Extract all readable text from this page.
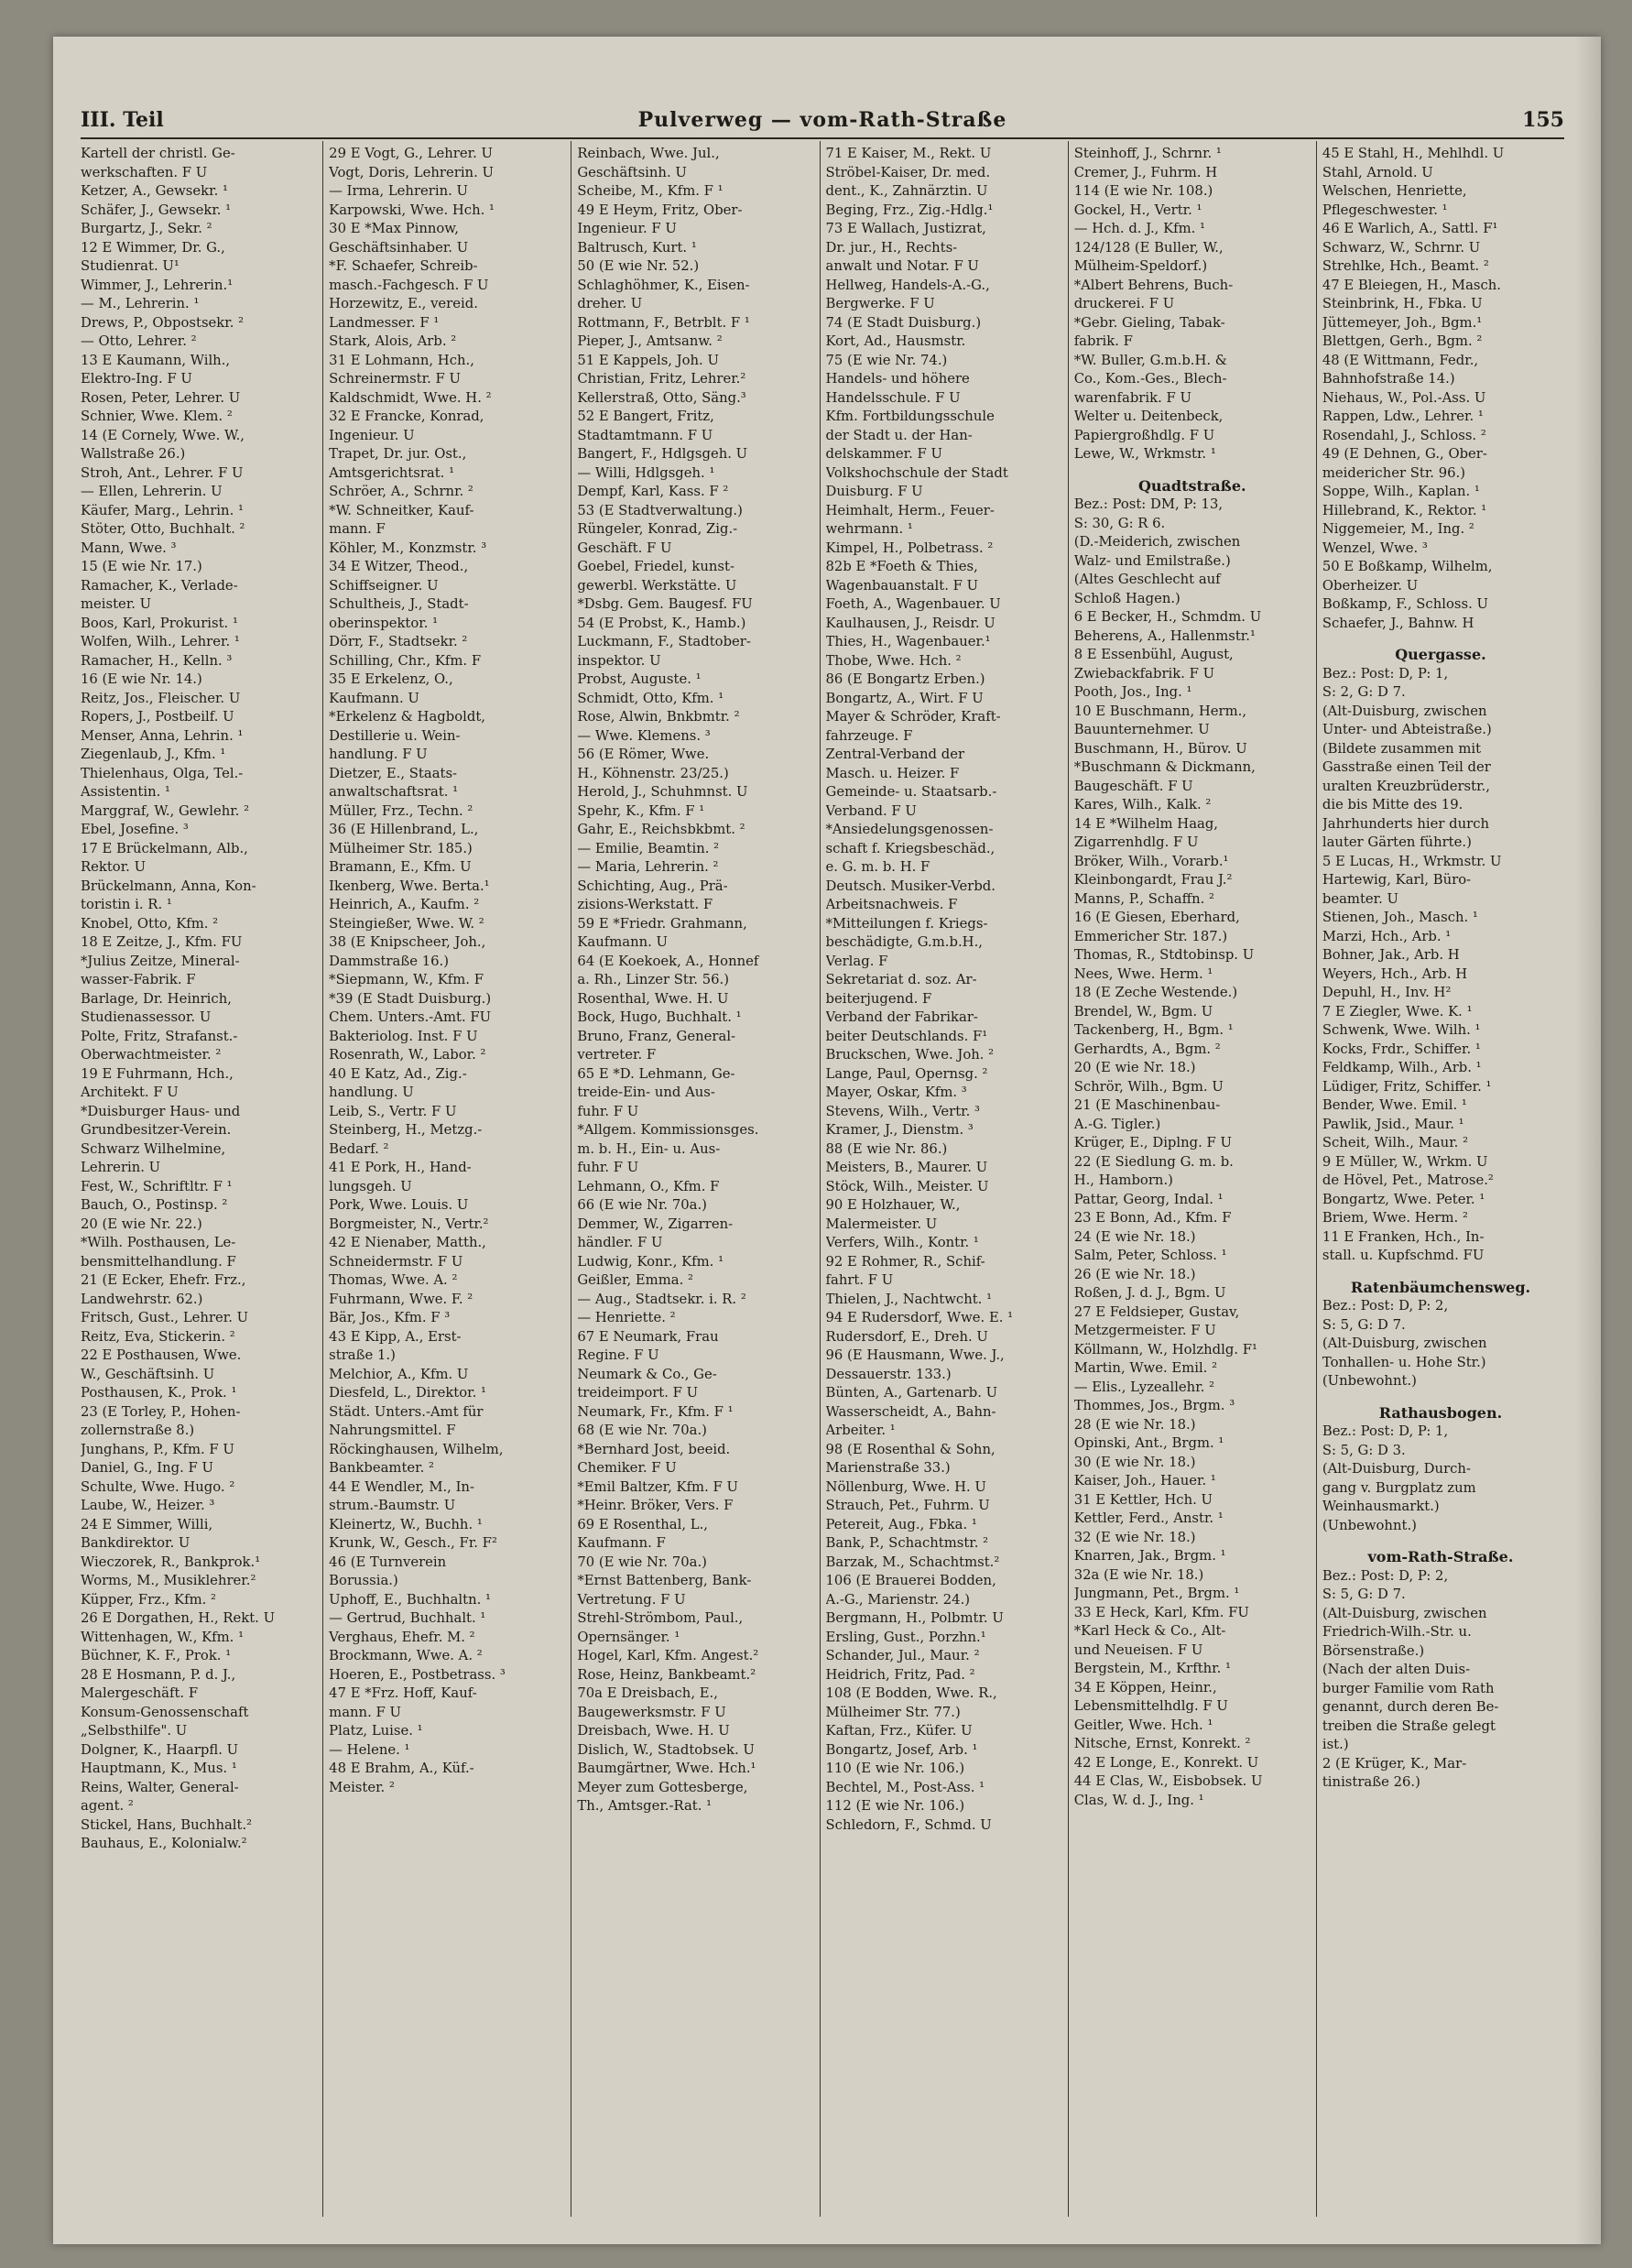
III. Teil	Pulverweg — vom-Rath-Straße	155
Kartell der christl. Ge-
werkschaften. F U
Ketzer, A., Gewsekr. ¹
Schäfer, J., Gewsekr. ¹
Burgartz, J., Sekr. ²
12 E Wimmer, Dr. G.,
Studienrat. U¹
Wimmer, J., Lehrerin.¹
— M., Lehrerin. ¹
Drews, P., Obpostsekr. ²
— Otto, Lehrer. ²
13 E Kaumann, Wilh.,
Elektro-Ing. F U
Rosen, Peter, Lehrer. U
Schnier, Wwe. Klem. ²
14 (E Cornely, Wwe. W.,
Wallstraße 26.)
Stroh, Ant., Lehrer. F U
— Ellen, Lehrerin. U
Käufer, Marg., Lehrin. ¹
Stöter, Otto, Buchhalt. ²
Mann, Wwe. ³
15 (E wie Nr. 17.)
Ramacher, K., Verlade-
meister. U
Boos, Karl, Prokurist. ¹
Wolfen, Wilh., Lehrer. ¹
Ramacher, H., Kelln. ³
16 (E wie Nr. 14.)
Reitz, Jos., Fleischer. U
Ropers, J., Postbeilf. U
Menser, Anna, Lehrin. ¹
Ziegenlaub, J., Kfm. ¹
Thielenhaus, Olga, Tel.-
Assistentin. ¹
Marggraf, W., Gewlehr. ²
Ebel, Josefine. ³
17 E Brückelmann, Alb.,
Rektor. U
Brückelmann, Anna, Kon-
toristin i. R. ¹
Knobel, Otto, Kfm. ²
18 E Zeitze, J., Kfm. FU
*Julius Zeitze, Mineral-
wasser-Fabrik. F
Barlage, Dr. Heinrich,
Studienassessor. U
Polte, Fritz, Strafanst.-
Oberwachtmeister. ²
19 E Fuhrmann, Hch.,
Architekt. F U
*Duisburger Haus- und
Grundbesitzer-Verein.
Schwarz Wilhelmine,
Lehrerin. U
Fest, W., Schriftltr. F ¹
Bauch, O., Postinsp. ²
20 (E wie Nr. 22.)
*Wilh. Posthausen, Le-
bensmittelhandlung. F
21 (E Ecker, Ehefr. Frz.,
Landwehrstr. 62.)
Fritsch, Gust., Lehrer. U
Reitz, Eva, Stickerin. ²
22 E Posthausen, Wwe.
W., Geschäftsinh. U
Posthausen, K., Prok. ¹
23 (E Torley, P., Hohen-
zollernstraße 8.)
Junghans, P., Kfm. F U
Daniel, G., Ing. F U
Schulte, Wwe. Hugo. ²
Laube, W., Heizer. ³
24 E Simmer, Willi,
Bankdirektor. U
Wieczorek, R., Bankprok.¹
Worms, M., Musiklehrer.²
Küpper, Frz., Kfm. ²
26 E Dorgathen, H., Rekt. U
Wittenhagen, W., Kfm. ¹
Büchner, K. F., Prok. ¹
28 E Hosmann, P. d. J.,
Malergeschäft. F
Konsum-Genossenschaft
„Selbsthilfe". U
Dolgner, K., Haarpfl. U
Hauptmann, K., Mus. ¹
Reins, Walter, General-
agent. ²
Stickel, Hans, Buchhalt.²
Bauhaus, E., Kolonialw.²
29 E Vogt, G., Lehrer. U
Vogt, Doris, Lehrerin. U
— Irma, Lehrerin. U
Karpowski, Wwe. Hch. ¹
30 E *Max Pinnow,
Geschäftsinhaber. U
*F. Schaefer, Schreib-
masch.-Fachgesch. F U
Horzewitz, E., vereid.
Landmesser. F ¹
Stark, Alois, Arb. ²
31 E Lohmann, Hch.,
Schreinermstr. F U
Kaldschmidt, Wwe. H. ²
32 E Francke, Konrad,
Ingenieur. U
Trapet, Dr. jur. Ost.,
Amtsgerichtsrat. ¹
Schröer, A., Schrnr. ²
*W. Schneitker, Kauf-
mann. F
Köhler, M., Konzmstr. ³
34 E Witzer, Theod.,
Schiffseigner. U
Schultheis, J., Stadt-
oberinspektor. ¹
Dörr, F., Stadtsekr. ²
Schilling, Chr., Kfm. F
35 E Erkelenz, O.,
Kaufmann. U
*Erkelenz & Hagboldt,
Destillerie u. Wein-
handlung. F U
Dietzer, E., Staats-
anwaltschaftsrat. ¹
Müller, Frz., Techn. ²
36 (E Hillenbrand, L.,
Mülheimer Str. 185.)
Bramann, E., Kfm. U
Ikenberg, Wwe. Berta.¹
Heinrich, A., Kaufm. ²
Steingießer, Wwe. W. ²
38 (E Knipscheer, Joh.,
Dammstraße 16.)
*Siepmann, W., Kfm. F
*39 (E Stadt Duisburg.)
Chem. Unters.-Amt. FU
Bakteriolog. Inst. F U
Rosenrath, W., Labor. ²
40 E Katz, Ad., Zig.-
handlung. U
Leib, S., Vertr. F U
Steinberg, H., Metzg.-
Bedarf. ²
41 E Pork, H., Hand-
lungsgeh. U
Pork, Wwe. Louis. U
Borgmeister, N., Vertr.²
42 E Nienaber, Matth.,
Schneidermstr. F U
Thomas, Wwe. A. ²
Fuhrmann, Wwe. F. ²
Bär, Jos., Kfm. F ³
43 E Kipp, A., Erst-
straße 1.)
Melchior, A., Kfm. U
Diesfeld, L., Direktor. ¹
Städt. Unters.-Amt für
Nahrungsmittel. F
Röckinghausen, Wilhelm,
Bankbeamter. ²
44 E Wendler, M., In-
strum.-Baumstr. U
Kleinertz, W., Buchh. ¹
Krunk, W., Gesch., Fr. F²
46 (E Turnverein
Borussia.)
Uphoff, E., Buchhaltn. ¹
— Gertrud, Buchhalt. ¹
Verghaus, Ehefr. M. ²
Brockmann, Wwe. A. ²
Hoeren, E., Postbetrass. ³
47 E *Frz. Hoff, Kauf-
mann. F U
Platz, Luise. ¹
— Helene. ¹
48 E Brahm, A., Küf.-
Meister. ²
Reinbach, Wwe. Jul.,
Geschäftsinh. U
Scheibe, M., Kfm. F ¹
49 E Heym, Fritz, Ober-
Ingenieur. F U
Baltrusch, Kurt. ¹
50 (E wie Nr. 52.)
Schlaghöhmer, K., Eisen-
dreher. U
Rottmann, F., Betrblt. F ¹
Pieper, J., Amtsanw. ²
51 E Kappels, Joh. U
Christian, Fritz, Lehrer.²
Kellerstraß, Otto, Säng.³
52 E Bangert, Fritz,
Stadtamtmann. F U
Bangert, F., Hdlgsgeh. U
— Willi, Hdlgsgeh. ¹
Dempf, Karl, Kass. F ²
53 (E Stadtverwaltung.)
Rüngeler, Konrad, Zig.-
Geschäft. F U
Goebel, Friedel, kunst-
gewerbl. Werkstätte. U
*Dsbg. Gem. Baugesf. FU
54 (E Probst, K., Hamb.)
Luckmann, F., Stadtober-
inspektor. U
Probst, Auguste. ¹
Schmidt, Otto, Kfm. ¹
Rose, Alwin, Bnkbmtr. ²
— Wwe. Klemens. ³
56 (E Römer, Wwe.
H., Köhnenstr. 23/25.)
Herold, J., Schuhmnst. U
Spehr, K., Kfm. F ¹
Gahr, E., Reichsbkbmt. ²
— Emilie, Beamtin. ²
— Maria, Lehrerin. ²
Schichting, Aug., Prä-
zisions-Werkstatt. F
59 E *Friedr. Grahmann,
Kaufmann. U
64 (E Koekoek, A., Honnef
a. Rh., Linzer Str. 56.)
Rosenthal, Wwe. H. U
Bock, Hugo, Buchhalt. ¹
Bruno, Franz, General-
vertreter. F
65 E *D. Lehmann, Ge-
treide-Ein- und Aus-
fuhr. F U
*Allgem. Kommissionsges.
m. b. H., Ein- u. Aus-
fuhr. F U
Lehmann, O., Kfm. F
66 (E wie Nr. 70a.)
Demmer, W., Zigarren-
händler. F U
Ludwig, Konr., Kfm. ¹
Geißler, Emma. ²
— Aug., Stadtsekr. i. R. ²
— Henriette. ²
67 E Neumark, Frau
Regine. F U
Neumark & Co., Ge-
treideimport. F U
Neumark, Fr., Kfm. F ¹
68 (E wie Nr. 70a.)
*Bernhard Jost, beeid.
Chemiker. F U
*Emil Baltzer, Kfm. F U
*Heinr. Bröker, Vers. F
69 E Rosenthal, L.,
Kaufmann. F
70 (E wie Nr. 70a.)
*Ernst Battenberg, Bank-
Vertretung. F U
Strehl-Strömbom, Paul.,
Opernsänger. ¹
Hogel, Karl, Kfm. Angest.²
Rose, Heinz, Bankbeamt.²
70a E Dreisbach, E.,
Baugewerksmstr. F U
Dreisbach, Wwe. H. U
Dislich, W., Stadtobsek. U
Baumgärtner, Wwe. Hch.¹
Meyer zum Gottesberge,
Th., Amtsger.-Rat. ¹
71 E Kaiser, M., Rekt. U
Ströbel-Kaiser, Dr. med.
dent., K., Zahnärztin. U
Beging, Frz., Zig.-Hdlg.¹
73 E Wallach, Justizrat,
Dr. jur., H., Rechts-
anwalt und Notar. F U
Hellweg, Handels-A.-G.,
Bergwerke. F U
74 (E Stadt Duisburg.)
Kort, Ad., Hausmstr.
75 (E wie Nr. 74.)
Handels- und höhere
Handelsschule. F U
Kfm. Fortbildungsschule
der Stadt u. der Han-
delskammer. F U
Volkshochschule der Stadt
Duisburg. F U
Heimhalt, Herm., Feuer-
wehrmann. ¹
Kimpel, H., Polbetrass. ²
82b E *Foeth & Thies,
Wagenbauanstalt. F U
Foeth, A., Wagenbauer. U
Kaulhausen, J., Reisdr. U
Thies, H., Wagenbauer.¹
Thobe, Wwe. Hch. ²
86 (E Bongartz Erben.)
Bongartz, A., Wirt. F U
Mayer & Schröder, Kraft-
fahrzeuge. F
Zentral-Verband der
Masch. u. Heizer. F
Gemeinde- u. Staatsarb.-
Verband. F U
*Ansiedelungsgenossen-
schaft f. Kriegsbeschäd.,
e. G. m. b. H. F
Deutsch. Musiker-Verbd.
Arbeitsnachweis. F
*Mitteilungen f. Kriegs-
beschädigte, G.m.b.H.,
Verlag. F
Sekretariat d. soz. Ar-
beiterjugend. F
Verband der Fabrikar-
beiter Deutschlands. F¹
Bruckschen, Wwe. Joh. ²
Lange, Paul, Opernsg. ²
Mayer, Oskar, Kfm. ³
Stevens, Wilh., Vertr. ³
Kramer, J., Dienstm. ³
88 (E wie Nr. 86.)
Meisters, B., Maurer. U
Stöck, Wilh., Meister. U
90 E Holzhauer, W.,
Malermeister. U
Verfers, Wilh., Kontr. ¹
92 E Rohmer, R., Schif-
fahrt. F U
Thielen, J., Nachtwcht. ¹
94 E Rudersdorf, Wwe. E. ¹
Rudersdorf, E., Dreh. U
96 (E Hausmann, Wwe. J.,
Dessauerstr. 133.)
Bünten, A., Gartenarb. U
Wasserscheidt, A., Bahn-
Arbeiter. ¹
98 (E Rosenthal & Sohn,
Marienstraße 33.)
Nöllenburg, Wwe. H. U
Strauch, Pet., Fuhrm. U
Petereit, Aug., Fbka. ¹
Bank, P., Schachtmstr. ²
Barzak, M., Schachtmst.²
106 (E Brauerei Bodden,
A.-G., Marienstr. 24.)
Bergmann, H., Polbmtr. U
Ersling, Gust., Porzhn.¹
Schander, Jul., Maur. ²
Heidrich, Fritz, Pad. ²
108 (E Bodden, Wwe. R.,
Mülheimer Str. 77.)
Kaftan, Frz., Küfer. U
Bongartz, Josef, Arb. ¹
110 (E wie Nr. 106.)
Bechtel, M., Post-Ass. ¹
112 (E wie Nr. 106.)
Schledorn, F., Schmd. U
Steinhoff, J., Schrnr. ¹
Cremer, J., Fuhrm. H
114 (E wie Nr. 108.)
Gockel, H., Vertr. ¹
— Hch. d. J., Kfm. ¹
124/128 (E Buller, W.,
Mülheim-Speldorf.)
*Albert Behrens, Buch-
druckerei. F U
*Gebr. Gieling, Tabak-
fabrik. F
*W. Buller, G.m.b.H. &
Co., Kom.-Ges., Blech-
warenfabrik. F U
Welter u. Deitenbeck,
Papiergroßhdlg. F U
Lewe, W., Wrkmstr. ¹
Quadtstraße.
Bez.: Post: DM, P: 13,
S: 30, G: R 6.
(D.-Meiderich, zwischen
Walz- und Emilstraße.)
(Altes Geschlecht auf
Schloß Hagen.)
6 E Becker, H., Schmdm. U
Beherens, A., Hallenmstr.¹
8 E Essenbühl, August,
Zwiebackfabrik. F U
Pooth, Jos., Ing. ¹
10 E Buschmann, Herm.,
Bauunternehmer. U
Buschmann, H., Bürov. U
*Buschmann & Dickmann,
Baugeschäft. F U
Kares, Wilh., Kalk. ²
14 E *Wilhelm Haag,
Zigarrenhdlg. F U
Bröker, Wilh., Vorarb.¹
Kleinbongardt, Frau J.²
Manns, P., Schaffn. ²
16 (E Giesen, Eberhard,
Emmericher Str. 187.)
Thomas, R., Stdtobinsp. U
Nees, Wwe. Herm. ¹
18 (E Zeche Westende.)
Brendel, W., Bgm. U
Tackenberg, H., Bgm. ¹
Gerhardts, A., Bgm. ²
20 (E wie Nr. 18.)
Schrör, Wilh., Bgm. U
21 (E Maschinenbau-
A.-G. Tigler.)
Krüger, E., Diplng. F U
22 (E Siedlung G. m. b.
H., Hamborn.)
Pattar, Georg, Indal. ¹
23 E Bonn, Ad., Kfm. F
24 (E wie Nr. 18.)
Salm, Peter, Schloss. ¹
26 (E wie Nr. 18.)
Roßen, J. d. J., Bgm. U
27 E Feldsieper, Gustav,
Metzgermeister. F U
Köllmann, W., Holzhdlg. F¹
Martin, Wwe. Emil. ²
— Elis., Lyzeallehr. ²
Thommes, Jos., Brgm. ³
28 (E wie Nr. 18.)
Opinski, Ant., Brgm. ¹
30 (E wie Nr. 18.)
Kaiser, Joh., Hauer. ¹
31 E Kettler, Hch. U
Kettler, Ferd., Anstr. ¹
32 (E wie Nr. 18.)
Knarren, Jak., Brgm. ¹
32a (E wie Nr. 18.)
Jungmann, Pet., Brgm. ¹
33 E Heck, Karl, Kfm. FU
*Karl Heck & Co., Alt-
und Neueisen. F U
Bergstein, M., Krfthr. ¹
34 E Köppen, Heinr.,
Lebensmittelhdlg. F U
Geitler, Wwe. Hch. ¹
Nitsche, Ernst, Konrekt. ²
42 E Longe, E., Konrekt. U
44 E Clas, W., Eisbobsek. U
Clas, W. d. J., Ing. ¹
45 E Stahl, H., Mehlhdl. U
Stahl, Arnold. U
Welschen, Henriette,
Pflegeschwester. ¹
46 E Warlich, A., Sattl. F¹
Schwarz, W., Schrnr. U
Strehlke, Hch., Beamt. ²
47 E Bleiegen, H., Masch.
Steinbrink, H., Fbka. U
Jüttemeyer, Joh., Bgm.¹
Blettgen, Gerh., Bgm. ²
48 (E Wittmann, Fedr.,
Bahnhofstraße 14.)
Niehaus, W., Pol.-Ass. U
Rappen, Ldw., Lehrer. ¹
Rosendahl, J., Schloss. ²
49 (E Dehnen, G., Ober-
meidericher Str. 96.)
Soppe, Wilh., Kaplan. ¹
Hillebrand, K., Rektor. ¹
Niggemeier, M., Ing. ²
Wenzel, Wwe. ³
50 E Boßkamp, Wilhelm,
Oberheizer. U
Boßkamp, F., Schloss. U
Schaefer, J., Bahnw. H
Quergasse.
Bez.: Post: D, P: 1,
S: 2, G: D 7.
(Alt-Duisburg, zwischen
Unter- und Abteistraße.)
(Bildete zusammen mit
Gasstraße einen Teil der
uralten Kreuzbrüderstr.,
die bis Mitte des 19.
Jahrhunderts hier durch
lauter Gärten führte.)
5 E Lucas, H., Wrkmstr. U
Hartewig, Karl, Büro-
beamter. U
Stienen, Joh., Masch. ¹
Marzi, Hch., Arb. ¹
Bohner, Jak., Arb. H
Weyers, Hch., Arb. H
Depuhl, H., Inv. H²
7 E Ziegler, Wwe. K. ¹
Schwenk, Wwe. Wilh. ¹
Kocks, Frdr., Schiffer. ¹
Feldkamp, Wilh., Arb. ¹
Lüdiger, Fritz, Schiffer. ¹
Bender, Wwe. Emil. ¹
Pawlik, Jsid., Maur. ¹
Scheit, Wilh., Maur. ²
9 E Müller, W., Wrkm. U
de Hövel, Pet., Matrose.²
Bongartz, Wwe. Peter. ¹
Briem, Wwe. Herm. ²
11 E Franken, Hch., In-
stall. u. Kupfschmd. FU
Ratenbäumchensweg.
Bez.: Post: D, P: 2,
S: 5, G: D 7.
(Alt-Duisburg, zwischen
Tonhallen- u. Hohe Str.)
(Unbewohnt.)
Rathausbogen.
Bez.: Post: D, P: 1,
S: 5, G: D 3.
(Alt-Duisburg, Durch-
gang v. Burgplatz zum
Weinhausmarkt.)
(Unbewohnt.)
vom-Rath-Straße.
Bez.: Post: D, P: 2,
S: 5, G: D 7.
(Alt-Duisburg, zwischen
Friedrich-Wilh.-Str. u.
Börsenstraße.)
(Nach der alten Duis-
burger Familie vom Rath
genannt, durch deren Be-
treiben die Straße gelegt
ist.)
2 (E Krüger, K., Mar-
tinistraße 26.)
